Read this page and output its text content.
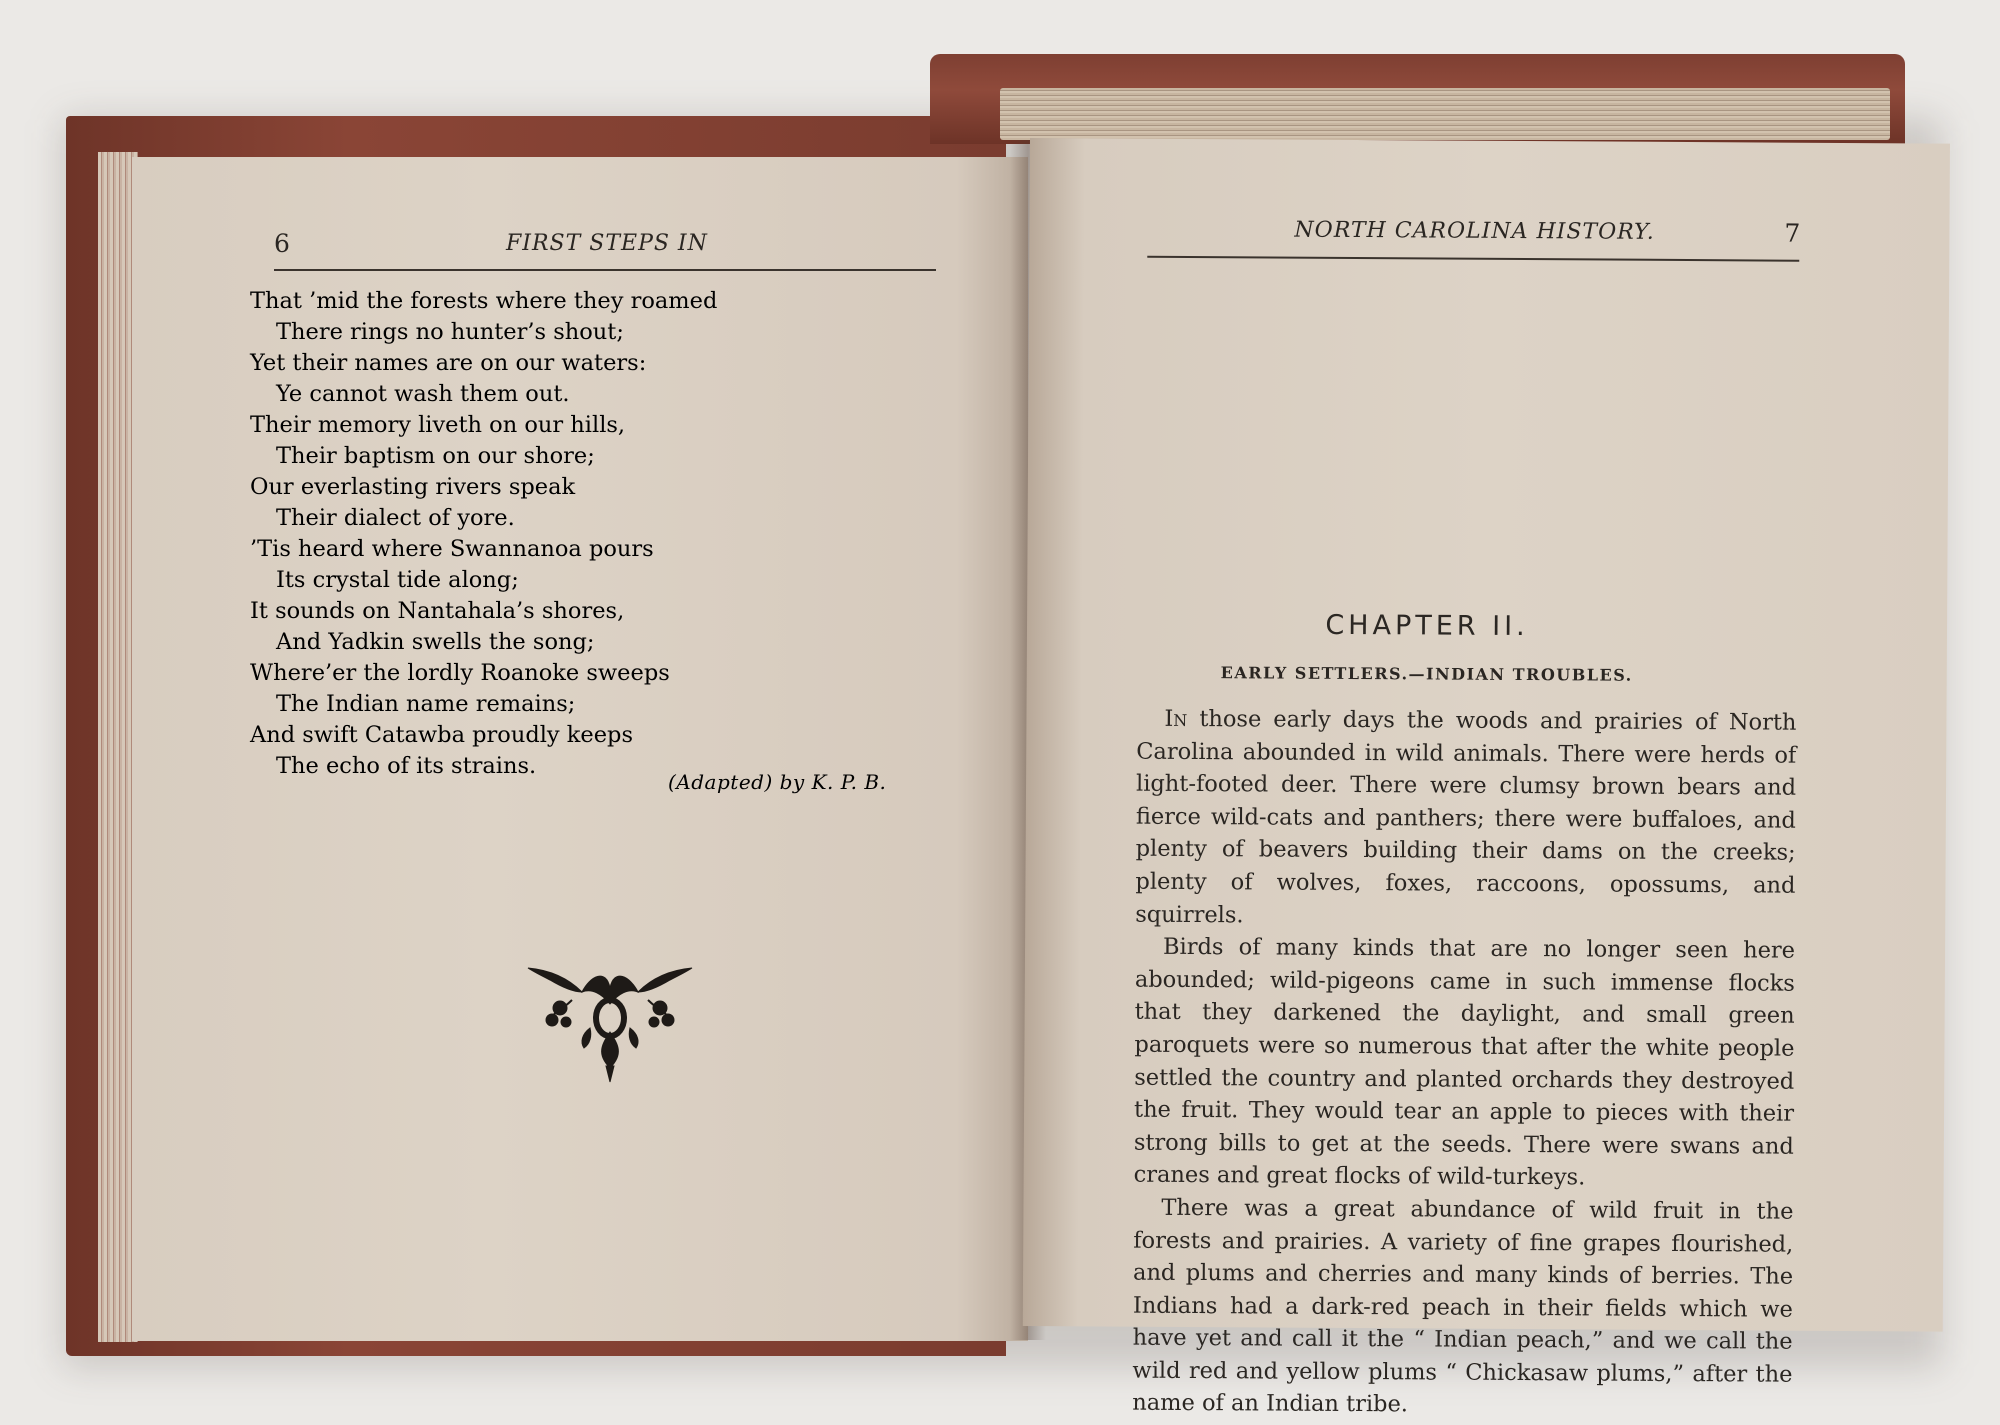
6	FIRST STEPS IN
That ’mid the forests where they roamed
There rings no hunter’s shout;
Yet their names are on our waters:
Ye cannot wash them out.
Their memory liveth on our hills,
Their baptism on our shore;
Our everlasting rivers speak
Their dialect of yore.
’Tis heard where Swannanoa pours
Its crystal tide along;
It sounds on Nantahala’s shores,
And Yadkin swells the song;
Where’er the lordly Roanoke sweeps
The Indian name remains;
And swift Catawba proudly keeps
The echo of its strains.
(Adapted) by K. P. B.
NORTH CAROLINA HISTORY.	7
CHAPTER II.
EARLY SETTLERS.—INDIAN TROUBLES.

In those early days the woods and prairies of North Carolina abounded in wild animals. There were herds of light-footed deer. There were clumsy brown bears and fierce wild-cats and panthers; there were buffaloes, and plenty of beavers building their dams on the creeks; plenty of wolves, foxes, raccoons, opossums, and squirrels.

Birds of many kinds that are no longer seen here abounded; wild-pigeons came in such immense flocks that they darkened the daylight, and small green paroquets were so numerous that after the white people settled the country and planted orchards they destroyed the fruit. They would tear an apple to pieces with their strong bills to get at the seeds. There were swans and cranes and great flocks of wild-turkeys.

There was a great abundance of wild fruit in the forests and prairies. A variety of fine grapes flourished, and plums and cherries and many kinds of berries. The Indians had a dark-red peach in their fields which we have yet and call it the “ Indian peach,” and we call the wild red and yellow plums “ Chickasaw plums,” after the name of an Indian tribe.
